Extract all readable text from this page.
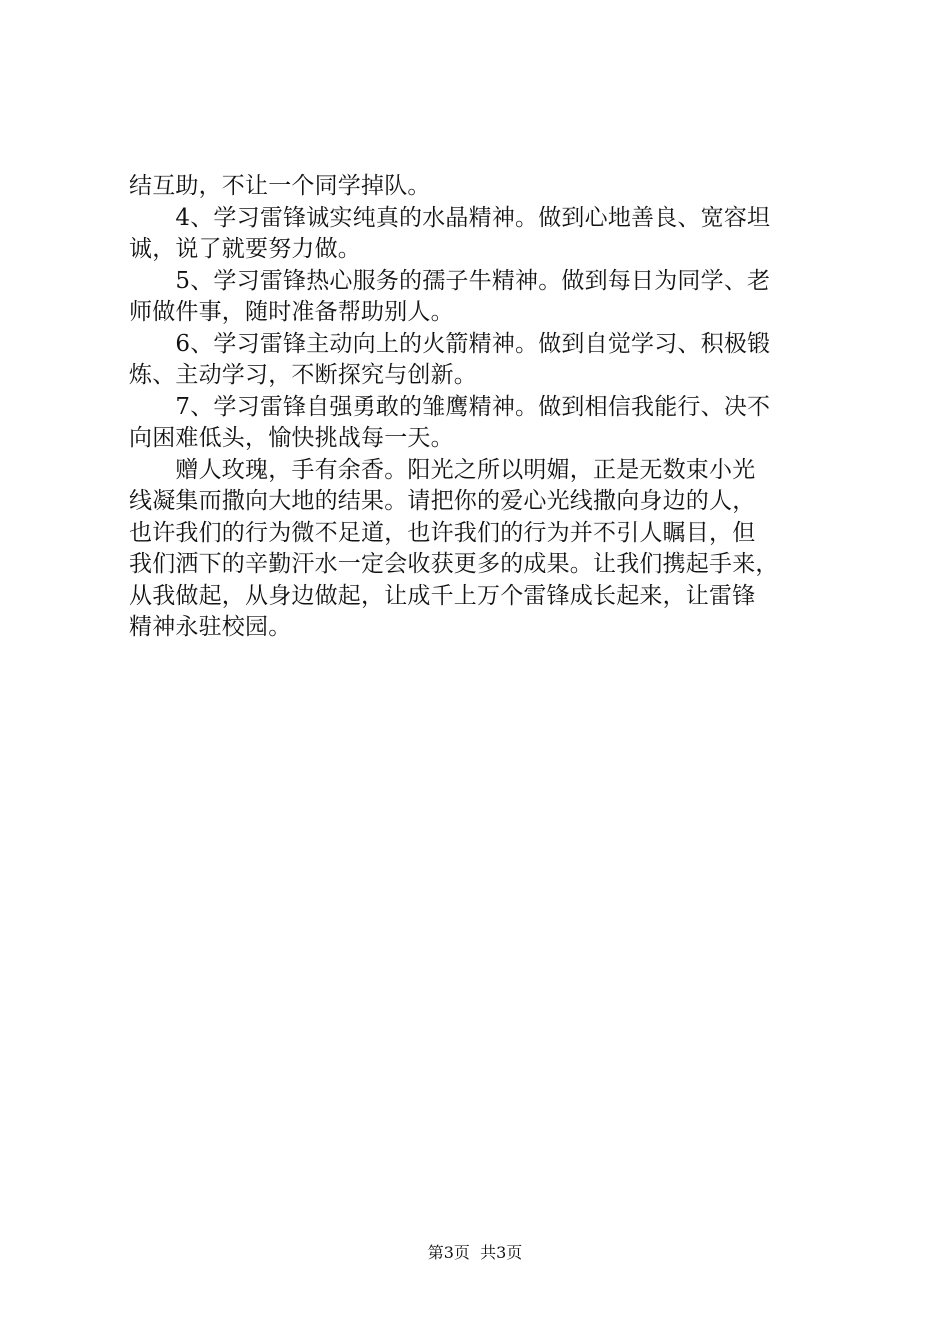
结互助，不让一个同学掉队。
　　4、学习雷锋诚实纯真的水晶精神。做到心地善良、宽容坦
诚，说了就要努力做。
　　5、学习雷锋热心服务的孺子牛精神。做到每日为同学、老
师做件事，随时准备帮助别人。
　　6、学习雷锋主动向上的火箭精神。做到自觉学习、积极锻
炼、主动学习，不断探究与创新。
　　7、学习雷锋自强勇敢的雏鹰精神。做到相信我能行、决不
向困难低头，愉快挑战每一天。
　　赠人玫瑰，手有余香。阳光之所以明媚，正是无数束小光
线凝集而撒向大地的结果。请把你的爱心光线撒向身边的人，
也许我们的行为微不足道，也许我们的行为并不引人瞩目，但
我们洒下的辛勤汗水一定会收获更多的成果。让我们携起手来，
从我做起，从身边做起，让成千上万个雷锋成长起来，让雷锋
精神永驻校园。
第3页  共3页
